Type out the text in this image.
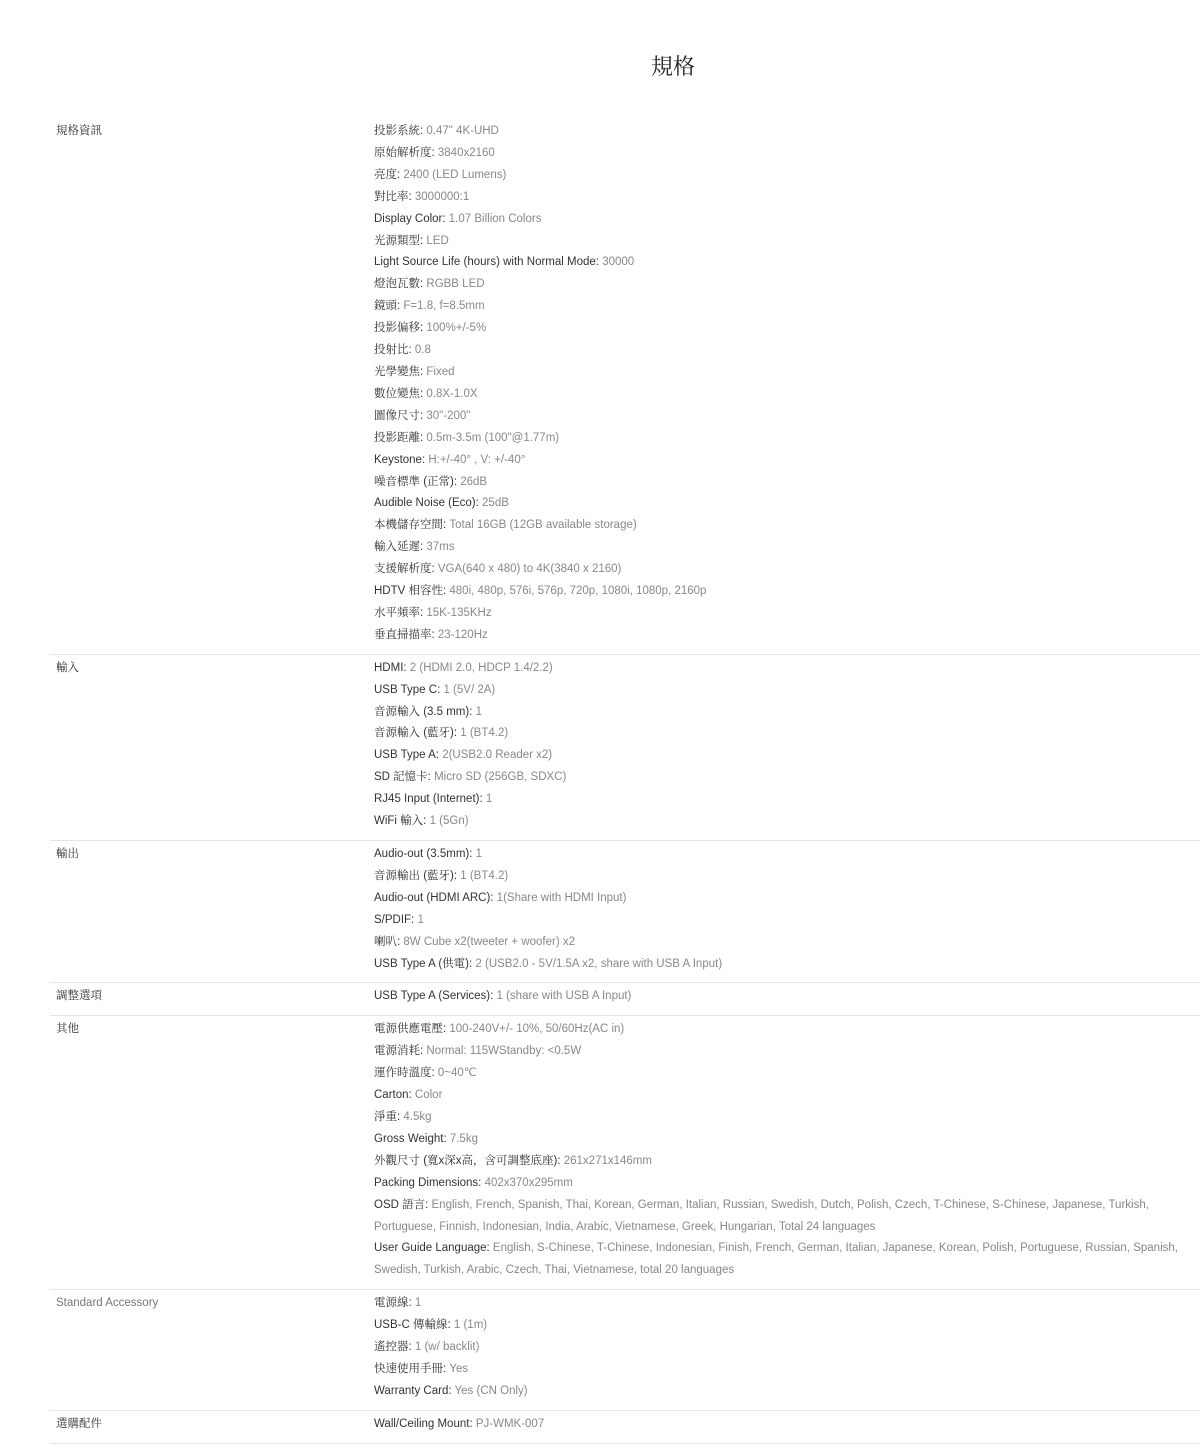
規格
規格資訊	投影系統: 0.47" 4K-UHD
原始解析度: 3840x2160
亮度: 2400 (LED Lumens)
對比率: 3000000:1
Display Color: 1.07 Billion Colors
光源類型: LED
Light Source Life (hours) with Normal Mode: 30000
燈泡瓦數: RGBB LED
鏡頭: F=1.8, f=8.5mm
投影偏移: 100%+/-5%
投射比: 0.8
光學變焦: Fixed
數位變焦: 0.8X-1.0X
圖像尺寸: 30"-200"
投影距離: 0.5m-3.5m (100"@1.77m)
Keystone: H:+/-40° , V: +/-40°
噪音標準 (正常): 26dB
Audible Noise (Eco): 25dB
本機儲存空間: Total 16GB (12GB available storage)
輸入延遲: 37ms
支援解析度: VGA(640 x 480) to 4K(3840 x 2160)
HDTV 相容性: 480i, 480p, 576i, 576p, 720p, 1080i, 1080p, 2160p
水平頻率: 15K-135KHz
垂直掃描率: 23-120Hz
輸入	HDMI: 2 (HDMI 2.0, HDCP 1.4/2.2)
USB Type C: 1 (5V/ 2A)
音源輸入 (3.5 mm): 1
音源輸入 (藍牙): 1 (BT4.2)
USB Type A: 2(USB2.0 Reader x2)
SD 記憶卡: Micro SD (256GB, SDXC)
RJ45 Input (Internet): 1
WiFi 輸入: 1 (5Gn)
輸出	Audio-out (3.5mm): 1
音源輸出 (藍牙): 1 (BT4.2)
Audio-out (HDMI ARC): 1(Share with HDMI Input)
S/PDIF: 1
喇叭: 8W Cube x2(tweeter + woofer) x2
USB Type A (供電): 2 (USB2.0 - 5V/1.5A x2, share with USB A Input)
調整選項	USB Type A (Services): 1 (share with USB A Input)
其他	電源供應電壓: 100-240V+/- 10%, 50/60Hz(AC in)
電源消耗: Normal: 115WStandby: <0.5W
運作時溫度: 0~40℃
Carton: Color
淨重: 4.5kg
Gross Weight: 7.5kg
外觀尺寸 (寬x深x高，含可調整底座): 261x271x146mm
Packing Dimensions: 402x370x295mm
OSD 語言: English, French, Spanish, Thai, Korean, German, Italian, Russian, Swedish, Dutch, Polish, Czech, T-Chinese, S-Chinese, Japanese, Turkish, Portuguese, Finnish, Indonesian, India, Arabic, Vietnamese, Greek, Hungarian, Total 24 languages
User Guide Language: English, S-Chinese, T-Chinese, Indonesian, Finish, French, German, Italian, Japanese, Korean, Polish, Portuguese, Russian, Spanish, Swedish, Turkish, Arabic, Czech, Thai, Vietnamese, total 20 languages
Standard Accessory	電源線: 1
USB-C 傳輸線: 1 (1m)
遙控器: 1 (w/ backlit)
快速使用手冊: Yes
Warranty Card: Yes (CN Only)
選購配件	Wall/Ceiling Mount: PJ-WMK-007
